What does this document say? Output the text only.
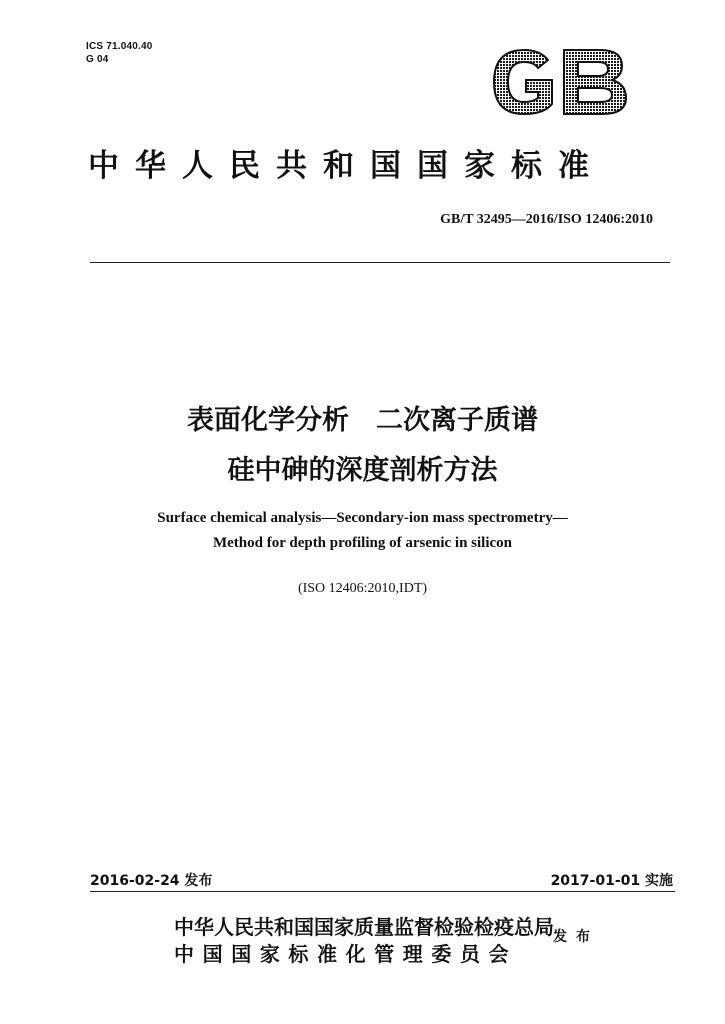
ICS 71.040.40
G 04
中华人民共和国国家标准
GB/T 32495—2016/ISO 12406:2010
表面化学分析　二次离子质谱
硅中砷的深度剖析方法
Surface chemical analysis—Secondary-ion mass spectrometry—
Method for depth profiling of arsenic in silicon
(ISO 12406:2010,IDT)
2016-02-24 发布	2017-01-01 实施
中华人民共和国国家质量监督检验检疫总局
中国国家标准化管理委员会
发布
